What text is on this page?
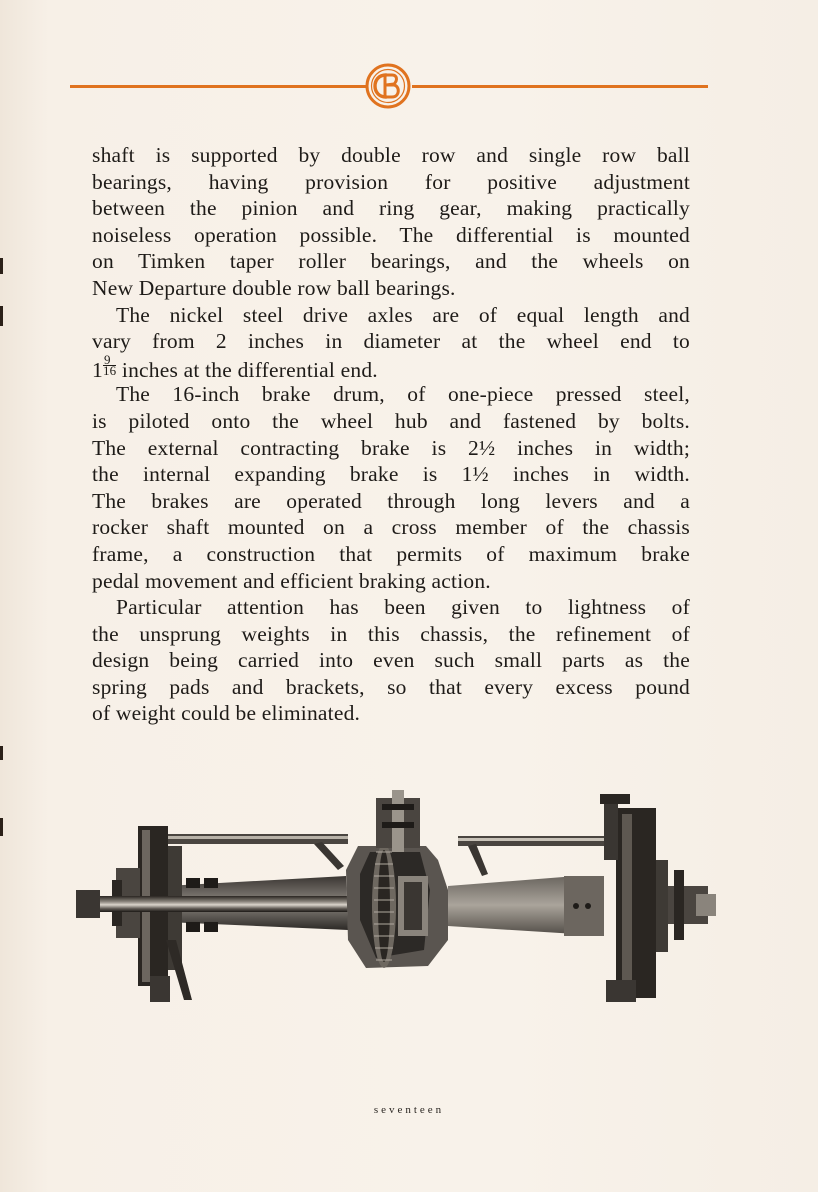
shaft is supported by double row and single row ball
bearings, having provision for positive adjustment
between the pinion and ring gear, making practically
noiseless operation possible. The differential is mounted
on Timken taper roller bearings, and the wheels on
New Departure double row ball bearings.
The nickel steel drive axles are of equal length and
vary from 2 inches in diameter at the wheel end to
$1 \frac{9}{16}$ inches at the differential end.
The 16-inch brake drum, of one-piece pressed steel,
is piloted onto the wheel hub and fastened by bolts.
The external contracting brake is 2½ inches in width;
the internal expanding brake is 1½ inches in width.
The brakes are operated through long levers and a
rocker shaft mounted on a cross member of the chassis
frame, a construction that permits of maximum brake
pedal movement and efficient braking action.
Particular attention has been given to lightness of
the unsprung weights in this chassis, the refinement of
design being carried into even such small parts as the
spring pads and brackets, so that every excess pound
of weight could be eliminated.
seventeen
